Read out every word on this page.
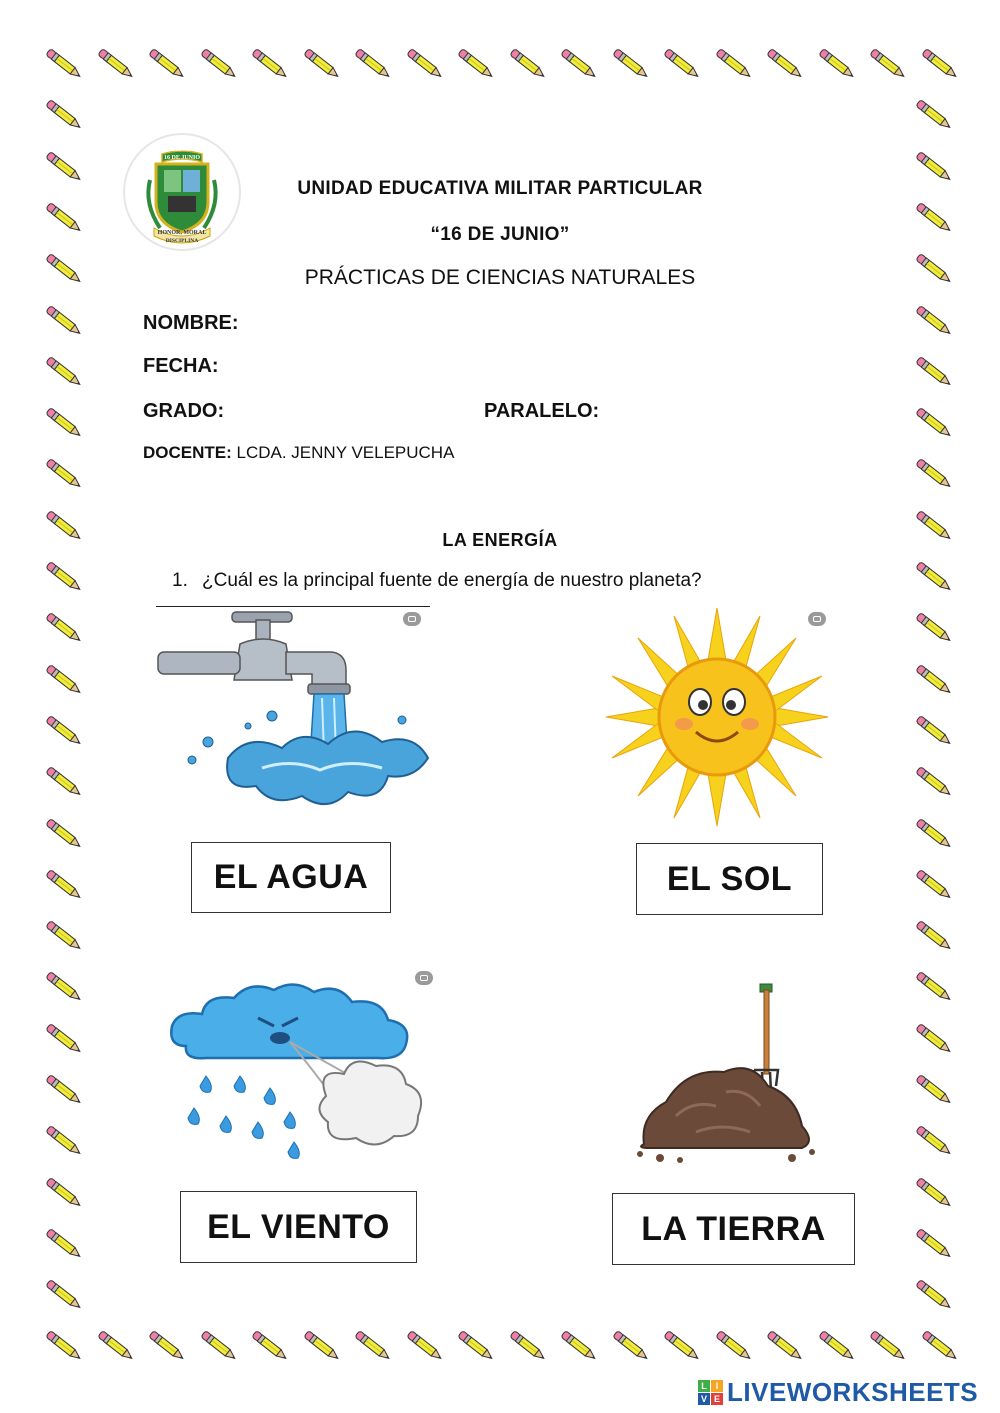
U.E.M.P
16 DE JUNIO
HONOR, MORAL
DISCIPLINA
UNIDAD EDUCATIVA MILITAR PARTICULAR
“16 DE JUNIO”
PRÁCTICAS DE CIENCIAS NATURALES
NOMBRE:
FECHA:
GRADO:	PARALELO:
DOCENTE: LCDA. JENNY VELEPUCHA
LA ENERGÍA
1. ¿Cuál es la principal fuente de energía de nuestro planeta?
EL AGUA	EL SOL
EL VIENTO	LA TIERRA
L I
V E LIVE WORKSHEETS
